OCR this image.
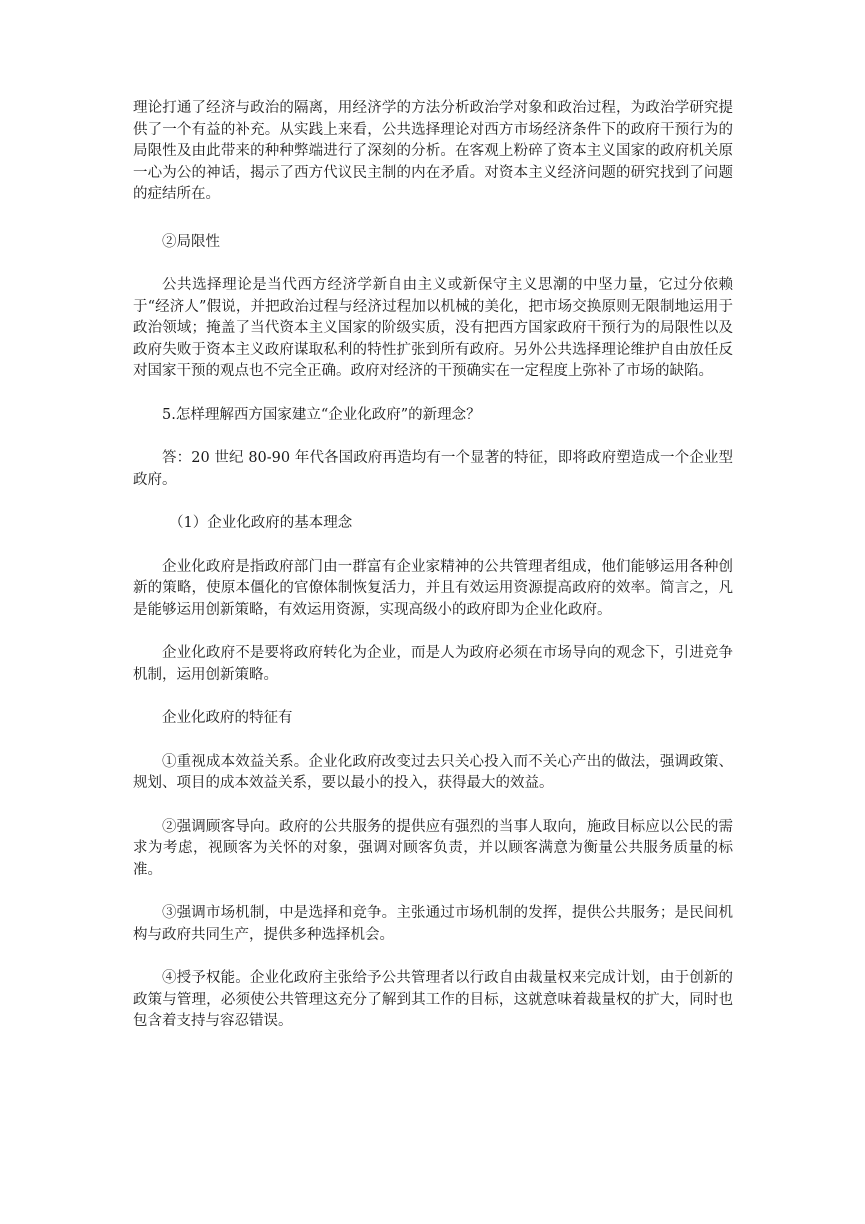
理论打通了经济与政治的隔离，用经济学的方法分析政治学对象和政治过程，为政治学研究提供了一个有益的补充。从实践上来看，公共选择理论对西方市场经济条件下的政府干预行为的局限性及由此带来的种种弊端进行了深刻的分析。在客观上粉碎了资本主义国家的政府机关原一心为公的神话，揭示了西方代议民主制的内在矛盾。对资本主义经济问题的研究找到了问题的症结所在。

②局限性

公共选择理论是当代西方经济学新自由主义或新保守主义思潮的中坚力量，它过分依赖于“经济人”假说，并把政治过程与经济过程加以机械的美化，把市场交换原则无限制地运用于政治领域；掩盖了当代资本主义国家的阶级实质，没有把西方国家政府干预行为的局限性以及政府失败于资本主义政府谋取私利的特性扩张到所有政府。另外公共选择理论维护自由放任反对国家干预的观点也不完全正确。政府对经济的干预确实在一定程度上弥补了市场的缺陷。

5.怎样理解西方国家建立“企业化政府”的新理念？

答：20 世纪 80-90 年代各国政府再造均有一个显著的特征，即将政府塑造成一个企业型政府。

（1）企业化政府的基本理念

企业化政府是指政府部门由一群富有企业家精神的公共管理者组成，他们能够运用各种创新的策略，使原本僵化的官僚体制恢复活力，并且有效运用资源提高政府的效率。简言之，凡是能够运用创新策略，有效运用资源，实现高级小的政府即为企业化政府。

企业化政府不是要将政府转化为企业，而是人为政府必须在市场导向的观念下，引进竞争机制，运用创新策略。

企业化政府的特征有

①重视成本效益关系。企业化政府改变过去只关心投入而不关心产出的做法，强调政策、规划、项目的成本效益关系，要以最小的投入，获得最大的效益。

②强调顾客导向。政府的公共服务的提供应有强烈的当事人取向，施政目标应以公民的需求为考虑，视顾客为关怀的对象，强调对顾客负责，并以顾客满意为衡量公共服务质量的标准。

③强调市场机制，中是选择和竞争。主张通过市场机制的发挥，提供公共服务；是民间机构与政府共同生产，提供多种选择机会。

④授予权能。企业化政府主张给予公共管理者以行政自由裁量权来完成计划，由于创新的政策与管理，必须使公共管理这充分了解到其工作的目标，这就意味着裁量权的扩大，同时也包含着支持与容忍错误。
